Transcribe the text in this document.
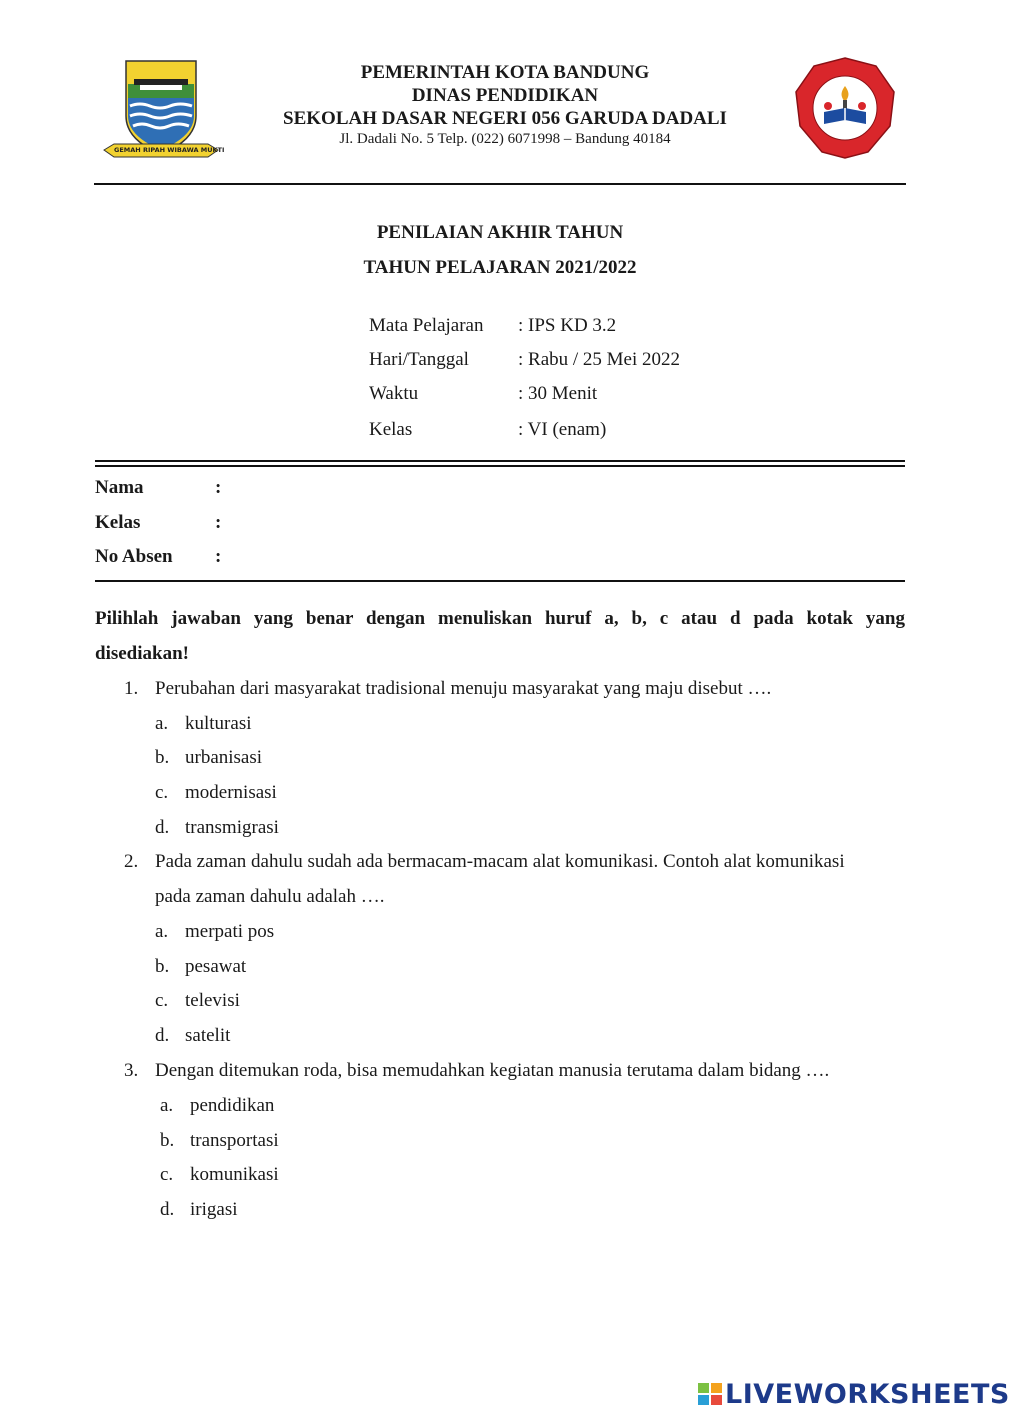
GEMAH RIPAH WIBAWA MUKTI
PEMERINTAH KOTA BANDUNG
DINAS PENDIDIKAN
SEKOLAH DASAR NEGERI 056 GARUDA DADALI
Jl. Dadali No. 5 Telp. (022) 6071998 – Bandung 40184
PENILAIAN AKHIR TAHUN
TAHUN PELAJARAN 2021/2022
Mata Pelajaran : IPS KD 3.2
Hari/Tanggal	: Rabu / 25 Mei 2022
Waktu	: 30 Menit
Kelas	: VI (enam)
Nama	:
Kelas	:
No Absen :
Pilihlah jawaban yang benar dengan menuliskan huruf a, b, c atau d pada kotak yang
disediakan!
1. Perubahan dari masyarakat tradisional menuju masyarakat yang maju disebut ….
a. kulturasi
b. urbanisasi
c. modernisasi
d. transmigrasi
2. Pada zaman dahulu sudah ada bermacam-macam alat komunikasi. Contoh alat komunikasi
pada zaman dahulu adalah ….
a. merpati pos
b. pesawat
c. televisi
d. satelit
3. Dengan ditemukan roda, bisa memudahkan kegiatan manusia terutama dalam bidang ….
a. pendidikan
b. transportasi
c. komunikasi
d. irigasi
LIVEWORKSHEETS
